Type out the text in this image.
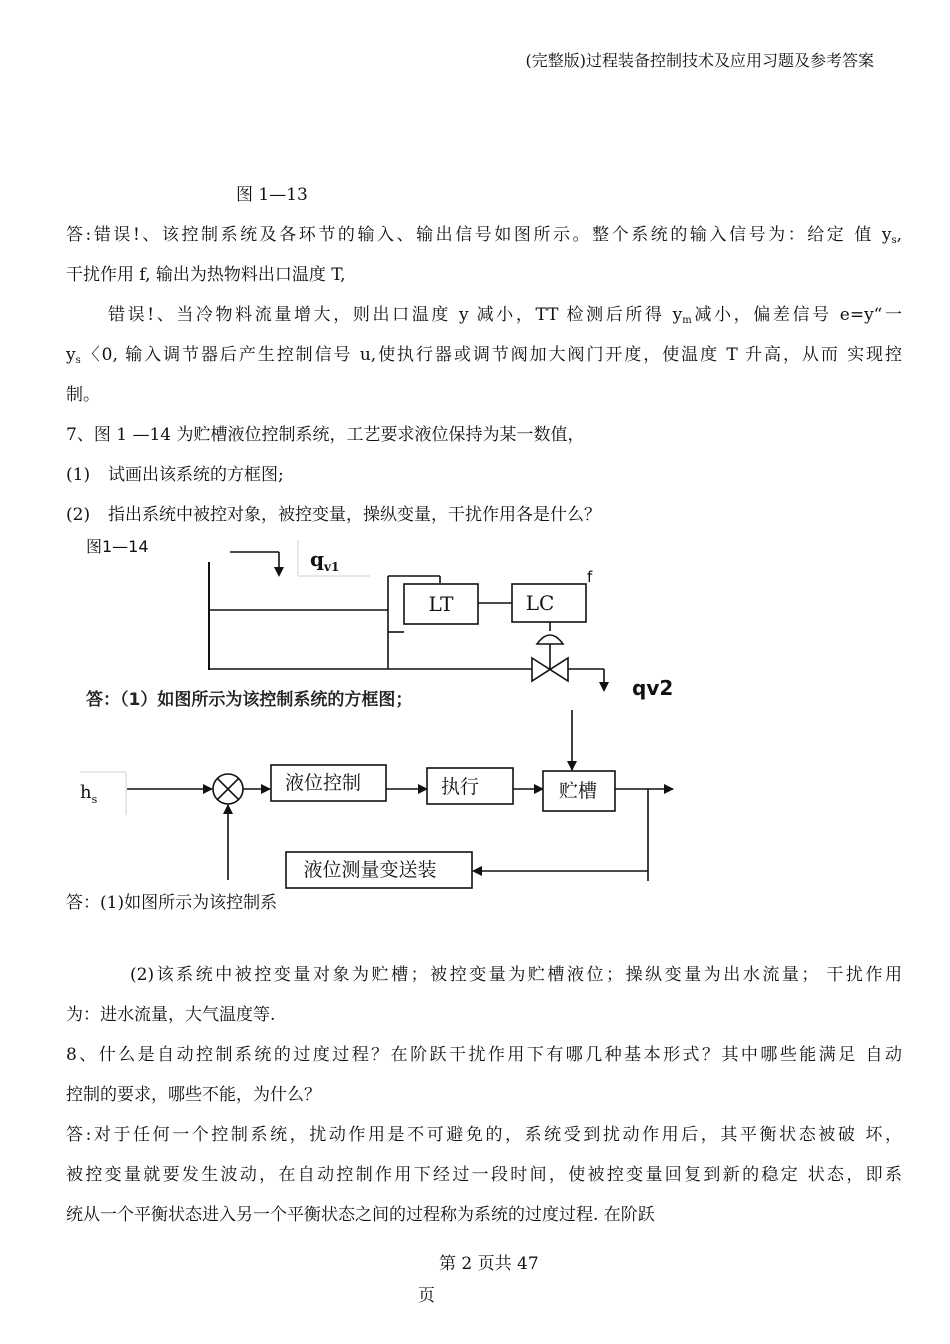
(完整版)过程装备控制技术及应用习题及参考答案
图 1—13
答:错误!、该控制系统及各环节的输入、输出信号如图所示。整个系统的输入信号为：给定 值 $y_s$,
干扰作用 f, 输出为热物料出口温度 T,
错误!、当冷物料流量增大，则出口温度 y 减小，TT 检测后所得 $y_m$减小，偏差信号 e=y“一
$y_s$〈0, 输入调节器后产生控制信号 u,使执行器或调节阀加大阀门开度，使温度 T 升高，从而 实现控
制。
7、图 1 —14 为贮槽液位控制系统，工艺要求液位保持为某一数值，
(1) 试画出该系统的方框图;
(2) 指出系统中被控对象，被控变量，操纵变量，干扰作用各是什么？
图1—14
$q_{v1}$
LT	LC
f
qv2
答：（1）如图所示为该控制系统的方框图；
$h_s$
液位控制	执行	贮槽
液位测量变送装
答：(1)如图所示为该控制系
(2)该系统中被控变量对象为贮槽；被控变量为贮槽液位；操纵变量为出水流量； 干扰作用
为：进水流量，大气温度等.
8、什么是自动控制系统的过度过程？在阶跃干扰作用下有哪几种基本形式？其中哪些能满足 自动
控制的要求，哪些不能，为什么？
答:对于任何一个控制系统，扰动作用是不可避免的，系统受到扰动作用后，其平衡状态被破 坏，
被控变量就要发生波动，在自动控制作用下经过一段时间，使被控变量回复到新的稳定 状态，即系
统从一个平衡状态进入另一个平衡状态之间的过程称为系统的过度过程. 在阶跃
第 2 页共 47
页
